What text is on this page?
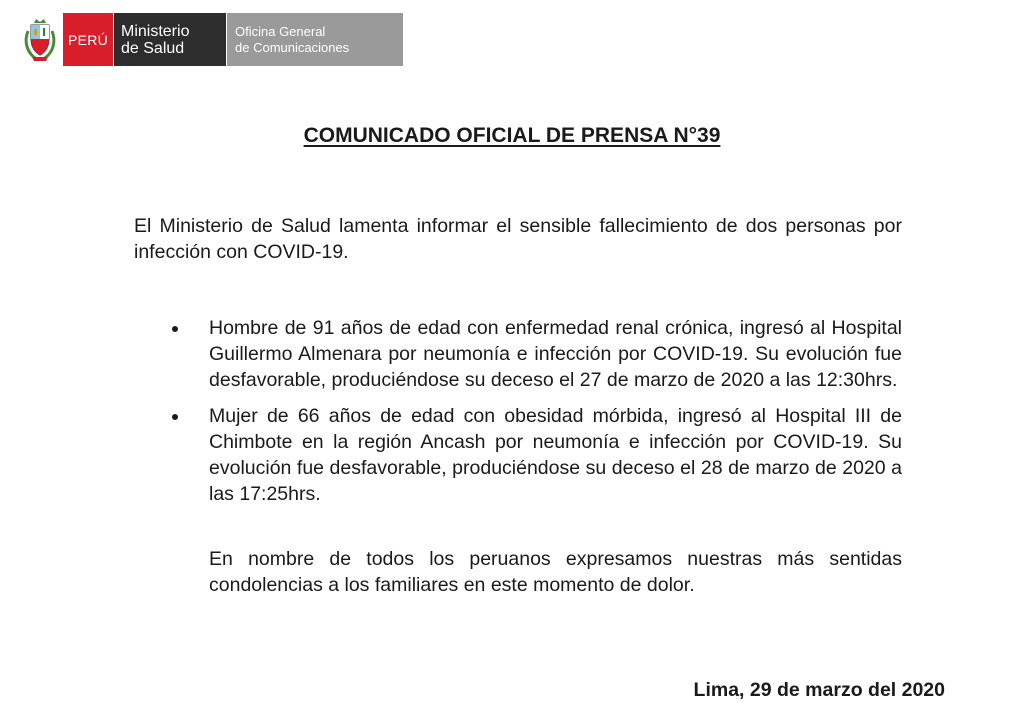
PERÚ Ministerio
de Salud
Oficina General
de Comunicaciones
COMUNICADO OFICIAL DE PRENSA N°39

El Ministerio de Salud lamenta informar el sensible fallecimiento de dos personas por infección con COVID-19.

Hombre de 91 años de edad con enfermedad renal crónica, ingresó al Hospital Guillermo Almenara por neumonía e infección por COVID-19. Su evolución fue desfavorable, produciéndose su deceso el 27 de marzo de 2020 a las 12:30hrs.
Mujer de 66 años de edad con obesidad mórbida, ingresó al Hospital III de Chimbote en la región Ancash por neumonía e infección por COVID-19. Su evolución fue desfavorable, produciéndose su deceso el 28 de marzo de 2020 a las 17:25hrs.

En nombre de todos los peruanos expresamos nuestras más sentidas condolencias a los familiares en este momento de dolor.

Lima, 29 de marzo del 2020
